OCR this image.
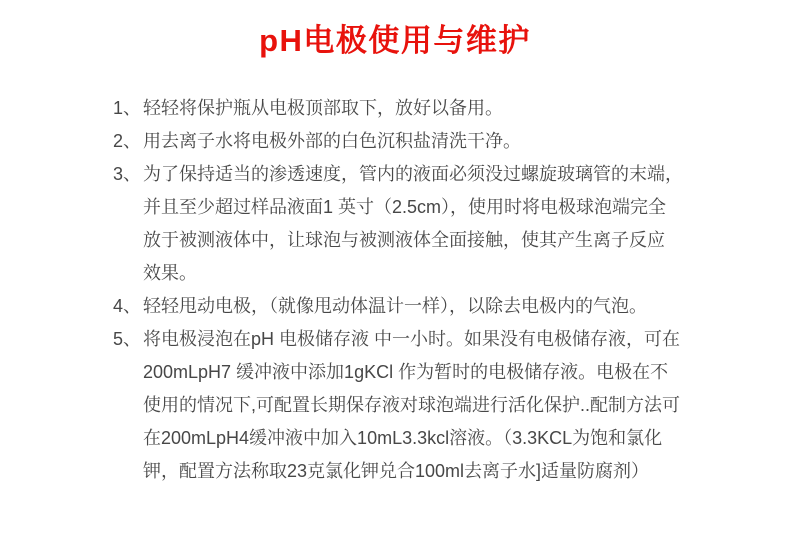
pH电极使用与维护
1、 轻轻将保护瓶从电极顶部取下，放好以备用。
2、 用去离子水将电极外部的白色沉积盐清洗干净。
3、 为了保持适当的渗透速度，管内的液面必须没过螺旋玻璃管的末端，
并且至少超过样品液面1 英寸（2.5cm），使用时将电极球泡端完全
放于被测液体中，让球泡与被测液体全面接触，使其产生离子反应
效果。
4、 轻轻甩动电极，（就像甩动体温计一样），以除去电极内的气泡。
5、 将电极浸泡在pH 电极储存液 中一小时。如果没有电极储存液，可在
200mLpH7 缓冲液中添加1gKCl 作为暂时的电极储存液。电极在不
使用的情况下,可配置长期保存液对球泡端进行活化保护..配制方法可
在200mLpH4缓冲液中加入10mL3.3kcl溶液。（3.3KCL为饱和氯化
钾，配置方法称取23克氯化钾兑合100ml去离子水]适量防腐剂）
